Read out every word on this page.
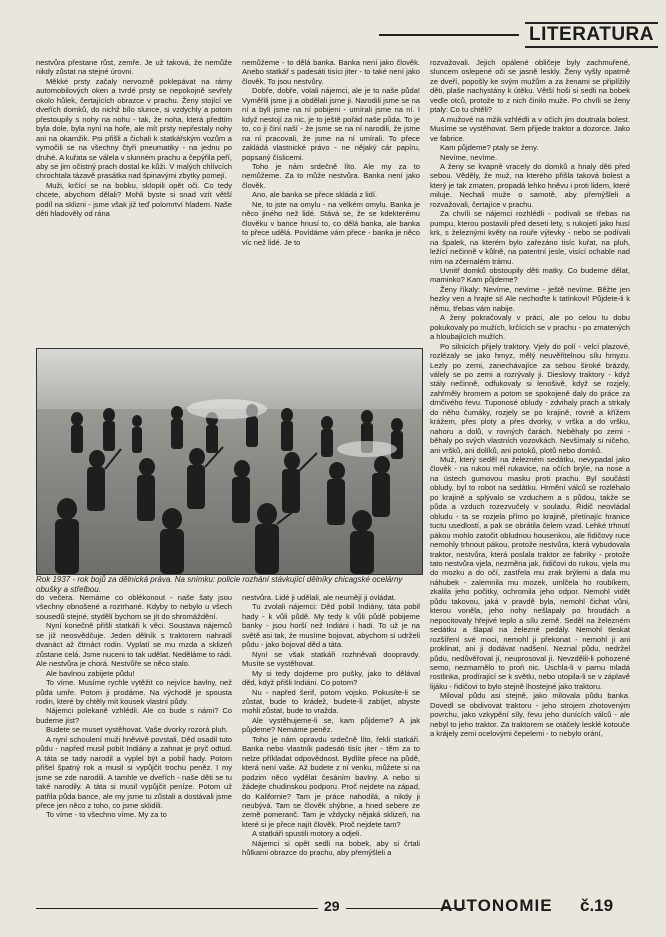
LITERATURA

nestvůra přestane růst, zemře. Je už taková, že nemůže nikdy zůstat na stejné úrovni.

Měkké prsty začaly nervozně poklepávat na rámy automobilových oken a tvrdé prsty se nepokojně sevřely okolo hůlek, čertajících obrazce v prachu. Ženy stojící ve dveřích domků, do nichž bílo slunce, si vzdychly a potom přestoupily s nohy na nohu - tak, že noha, která předtím byla dole, byla nyní na hoře, ale mít prsty nepřestaly nohy ani na okamžik. Psi přišli a čichali k statkářským vozům a vymočili se na všechny čtyři pneumatiky - na jednu po druhé. A kuřata se válela v slunném prachu a čepýřila peří, aby se jim očistný prach dostal ke kůži. V malých chlívcích chrochtala tázavě prasátka nad špinavými zbytky pomejí.

Muži, krčící se na bobku, sklopili opět oči. Co tedy chcete, abychom dělali? Mohli byste si snad vzít větší podíl na sklizni - jsme však již teď polomrtví hladem. Naše děti hladověly od rána

nemůžeme - to dělá banka. Banka není jako člověk. Anebo statkář s padesáti tisíci jiter - to také není jako člověk. To jsou nestvůry.

Dobře, dobře, volali nájemci, ale je to naše půda! Vyměřili jsme ji a obdělali jsme ji. Narodili jsme se na ní a byli jsme na ní pobijeni - umírali jsme na ní. I když nestojí za nic, je to ještě pořád naše půda. To je to, co ji činí naší - že jsme se na ní narodili, že jsme na ní pracovali, že jsme na ní umírali. To přece zakládá vlastnické právo - ne nějaký cár papíru, popsaný číslicemi.

Toho je nám srdečně líto. Ale my za to nemůžeme. Za to může nestvůra. Banka není jako člověk.

Ano, ale banka se přece skládá z lidí.

Ne, to jste na omylu - na velkém omylu. Banka je něco jiného než lidé. Stává se, že se kdekterému člověku v bance hnusí to, co dělá banka, ale banka to přece udělá. Povídáme vám přece - banka je něco víc než lidé. Je to

rozvažovali. Jejich opálené obličeje byly zachmuřené, sluncem oslepené oči se jasně leskly. Ženy vyšly opatrně ze dveří, popošly ke svým mužům a za ženami se připlížily děti, plaše nachystány k útěku. Větší hoši si sedli na bobek vedle otců, protože to z nich činilo muže. Po chvíli se ženy ptaly: Co tu chtěli?

A mužové na mžik vzhlédli a v očích jim doutnala bolest. Musíme se vystěhovat. Sem přijede traktor a dozorce. Jako ve fabrice.

Kam půjdeme? ptaly se ženy.

Nevíme, nevíme.

A ženy se kvapně vracely do domků a hnaly děti před sebou. Věděly, že muž, na kterého přišla taková bolest a který je tak zmaten, propadá lehko hněvu i proti lidem, které miluje. Nechali muže o samotě, aby přemýšleli a rozvažovali, čertajíce v prachu.

Za chvíli se nájemci rozhlédli - podívali se třebas na pumpu, kterou postavili před deseti lety, s rukojetí jako husí krk, s železnými květy na rouře výlevky - nebo se podívali na špalek, na kterém bylo zařezáno tisíc kuřat, na pluh, ležící nečinně v kůlně, na patentní jesle, visící ochable nad ním na zčernalém trámu.

Uvnitř domků obstoupily děti matky. Co budeme dělat, maminko? Kam půjdeme?

Ženy říkaly: Nevíme, nevíme - ještě nevíme. Běžte jen hezky ven a hrajte si! Ale nechoďte k tatínkovi! Půjdete-li k němu, třebas vám nabije.

A ženy pokračovaly v práci, ale po celou tu dobu pokukovaly po mužích, krčících se v prachu - po zmatených a hloubajících mužích.

Po silnicích přijely traktory. Vjely do polí - velcí plazové, rozlézaly se jako hmyz, mělý neuvěřitelnou sílu hmyzu. Lezly po zemi, zanechávajíce za sebou široké brázdy, válely se po zemi a rozrývaly ji. Dieslovy traktory - když stály nečinně, odfukovaly si lenošivě, když se rozjely, zahřměly hromem a potom se spokojeně daly do práce za drnčivého řevu. Tuponosé obludy - zdvihaly prach a strkaly do něho čumáky, rozjely se po krajině, rovně a křížem krážem, přes ploty a přes dvorky, v vrška a do vršku, nahoru a dolů, v rovných čarách. Neběhaly po zemi - běhaly po svých vlastních vozovkách. Nevšímaly si ničeho, ani vršků, ani dolíků, ani potoků, plotů nebo domků.

Muž, který seděl na železném sedátku, nevypadal jako člověk - na rukou měl rukavice, na očích brýle, na nose a na ústech gumovou masku proti prachu. Byl součástí obludy, byl to robot na sedátku. Hrmění válců se rozléhalo po krajině a splývalo se vzduchem a s půdou, takže se půda a vzduch rozezvučely v souladu. Řidič neovládal obludu - ta se rozjela přímo po krajině, přetínajíc hranice tuctu usedlostí, a pak se obrátila čelem vzad. Lehké trhnutí pákou mohlo zatočit obludnou housenkou, ale řidičovy ruce nemohly trhnout pákou, protože nestvůra, která vybudovala traktor, nestvůra, která poslala traktor ze fabriky - protože tato nestvůra vjela, nezměna jak, řidičovi do rukou, vjela mu do mozku a do očí, zastřela mu zrak brýlemi a dala mu náhubek - zalemnila mu mozek, umlčela ho roubíkem, zkalila jeho počitky, ochromila jeho odpor. Nemohl vidět půdu takovou, jaká v pravdě byla, nemohl čichat vůni, kterou voněla, jeho nohy nešlapaly po hroudách a nepocitovaly hřejivé teplo a sílu země. Seděl na železném sedátku a šlapal na železné pedály. Nemohl tleskat rozšíření své moci, nemohl ji překonat - nemohl ji ani proklinat, ani ji dodávat nadšení. Neznal půdu, nedržel půdu, nedůvěřoval jí, neuprosoval ji. Nevzdělil-li pohozené semo, nezmarnělo to proň nic. Uschla-li v parnu mladá rostlinka, prodírající se k světlu, nebo utopila-li se v záplavě lijáku - řidičovi to bylo stejně lhostejné jako traktoru.

Miloval půdu asi stejně, jako milovala půdu banka. Dovedl se obdivovat traktoru - jeho strojem zhotoveným povrchu, jako vzkypění síly, řevu jeho dunících válců - ale nebyl to jeho traktor. Za traktorem se otáčely lesklé kotouče a krájely zemi ocelovými čepelemi - to nebylo orání,

Rok 1937 - rok bojů za dělnická práva. Na snímku: policie rozhání stávkující dělníky chicagské ocelárny obušky a střelbou.

do večera. Nemáme co oblékonout - naše šaty jsou všechny obnošené a roztrhané. Kdyby to nebylo u všech sousedů stejné, stydělí bychom se jít do shromáždění.

Nyní konečně přišli statkáři k věci. Soustava nájemců se již neosvědčuje. Jeden dělník s traktorem nahradí dvanáct až čtrnáct rodin. Vyplatí se mu mzda a sklizeň zůstane celá. Jsme nuceni to tak udělat. Neděláme to rádi. Ale nestvůra je chorá. Nestvůře se něco stalo.

Ale bavlnou zabijete půdu!

To víme. Musíme rychle vytěžit co nejvíce bavlny, než půda umře. Potom ji prodáme. Na východě je spousta rodin, které by chtěly mít kousek vlastní půdy.

Nájemci polekaně vzhlédli. Ale co bude s námi? Co budeme jíst?

Budete se muset vystěhovat. Vaše dvorky rozorá pluh.

A nyní schoulení muži hněvivě povstali. Děd osadil tuto půdu - napřed musil pobít Indiány a zahnat je pryč odtud. A táta se tady narodil a vyplel být a pobil hady. Potom přišel špatný rok a musil si vypůjčit trochu peněz. I my jsme se zde narodili. A tamhle ve dveřích - naše děti se tu také narodily. A táta si musil vypůjčit peníze. Potom už patřila půda bance, ale my jsme tu zůstali a dostávali jsme přece jen něco z toho, co jsme sklidili.

To víme - to všechno víme. My za to

nestvůra. Lidé ji udělali, ale neumějí ji ovládat.

Tu zvolali nájemci: Děd pobil Indiány, táta pobil hady - k vůli půdě. My tedy k vůli půdě pobijeme banky - jsou horší než Indiáni i hadi. To už je na světě asi tak, že musíme bojovat, abychom si udrželi půdu - jako bojoval děd a táta.

Nyní se však statkáři rozhněvali doopravdy. Musíte se vystěhovat.

My si tedy dojdeme pro pušky, jako to dělával děd, když přišli Indiáni. Co potom?

Nu - napřed šerif, potom vojsko. Pokusíte-li se zůstat, bude to krádež, budete-li zabíjet, abyste mohli zůstat, bude to vražda.

Ale vystěhujeme-li se, kam půjdeme? A jak půjdeme? Nemáme peněz.

Toho je nám opravdu srdečně líto, řekli statkáři. Banka nebo vlastník padesáti tisíc jiter - těm za to nelze příkladat odpovědnost. Bydlíte přece na půdě, která není vaše. Až budete z ní venku, můžete si na podzim něco vydělat česáním bavlny. A nebo si žádejte chudinskou podporu. Proč nejdete na západ, do Kalifornie? Tam je práce nahodilá, a nikdy ji neubývá. Tam se člověk shýbne, a hned sebere ze země pomeranč. Tam je vždycky nějaká sklizeň, na které si je přece najít člověk. Proč nejdete tam?

A statkáři spustili motory a odjeli.

Nájemci si opět sedli na bobek, aby si črtali hůlkami obrazce do prachu, aby přemýšleli a

29	AUTONOMIE č.19
